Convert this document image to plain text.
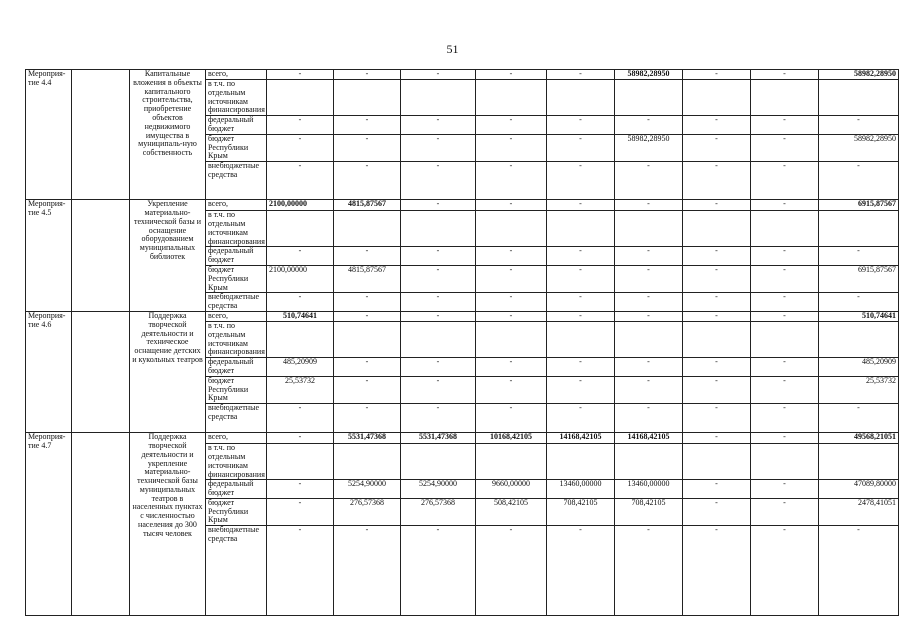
51
Мероприя-тие 4.4		Капитальные вложения в объекты капитального строительства, приобретение объектов недвижимого имущества в муниципаль-ную собственность	всего,	-	-	-	-	-	58982,28950	-	-	58982,28950
			в т.ч. по отдельным источникам финансирования									
			федеральный бюджет	-	-	-	-	-	-	-	-	-
			бюджет Республики Крым	-	-	-	-	-	58982,28950	-	-	58982,28950
			внебюджетные средства	-	-	-	-	-	-	-	-	-
Мероприя-тие 4.5		Укрепление материально-технической базы и оснащение оборудованием муниципальных библиотек	всего,	2100,00000	4815,87567	-	-	-	-	-	-	6915,87567
			в т.ч. по отдельным источникам финансирования									
			федеральный бюджет	-	-	-	-	-	-	-	-	-
			бюджет Республики Крым	2100,00000	4815,87567	-	-	-	-	-	-	6915,87567
			внебюджетные средства	-	-	-	-	-	-	-	-	-
Мероприя-тие 4.6		Поддержка творческой деятельности и техническое оснащение детских и кукольных театров	всего,	510,74641	-	-	-	-	-	-	-	510,74641
			в т.ч. по отдельным источникам финансирования									
			федеральный бюджет	485,20909	-	-	-	-	-	-	-	485,20909
			бюджет Республики Крым	25,53732	-	-	-	-	-	-	-	25,53732
			внебюджетные средства	-	-	-	-	-	-	-	-	-
Мероприя-тие 4.7		Поддержка творческой деятельности и укрепление материально-технической базы муниципальных театров в населенных пунктах с численностью населения до 300 тысяч человек	всего,	-	5531,47368	5531,47368	10168,42105	14168,42105	14168,42105	-	-	49568,21051
			в т.ч. по отдельным источникам финансирования									
			федеральный бюджет	-	5254,90000	5254,90000	9660,00000	13460,00000	13460,00000	-	-	47089,80000
			бюджет Республики Крым	-	276,57368	276,57368	508,42105	708,42105	708,42105	-	-	2478,41051
			внебюджетные средства	-	-	-	-	-	-	-	-	-
